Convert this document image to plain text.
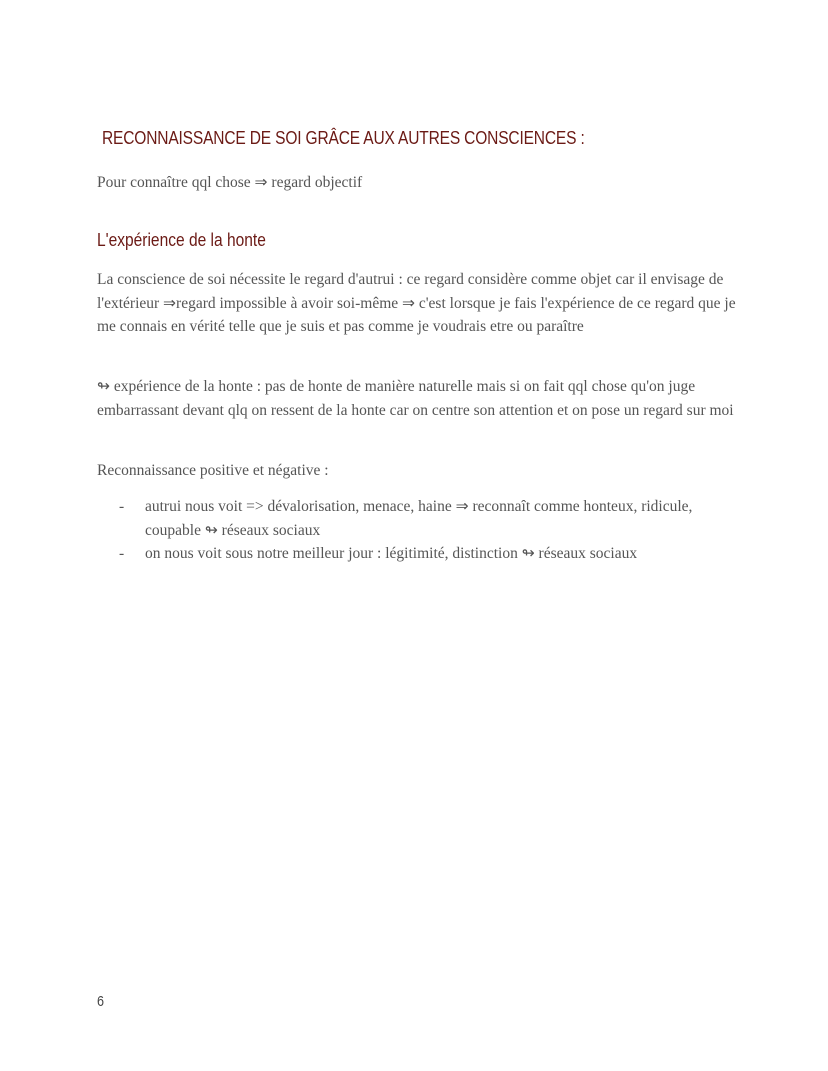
RECONNAISSANCE DE SOI GRÂCE AUX AUTRES CONSCIENCES :
Pour connaître qql chose ⇒ regard objectif
L'expérience de la honte
La conscience de soi nécessite le regard d'autrui : ce regard considère comme objet car il envisage de l'extérieur ⇒regard impossible à avoir soi-même ⇒ c'est lorsque je fais l'expérience de ce regard que je me connais en vérité telle que je suis et pas comme je voudrais etre ou paraître
↬ expérience de la honte : pas de honte de manière naturelle mais si on fait qql chose qu'on juge embarrassant devant qlq on ressent de la honte car on centre son attention et on pose un regard sur moi
Reconnaissance positive et négative :
- autrui nous voit => dévalorisation, menace, haine ⇒ reconnaît comme honteux, ridicule, coupable ↬ réseaux sociaux
- on nous voit sous notre meilleur jour : légitimité, distinction ↬ réseaux sociaux
6
